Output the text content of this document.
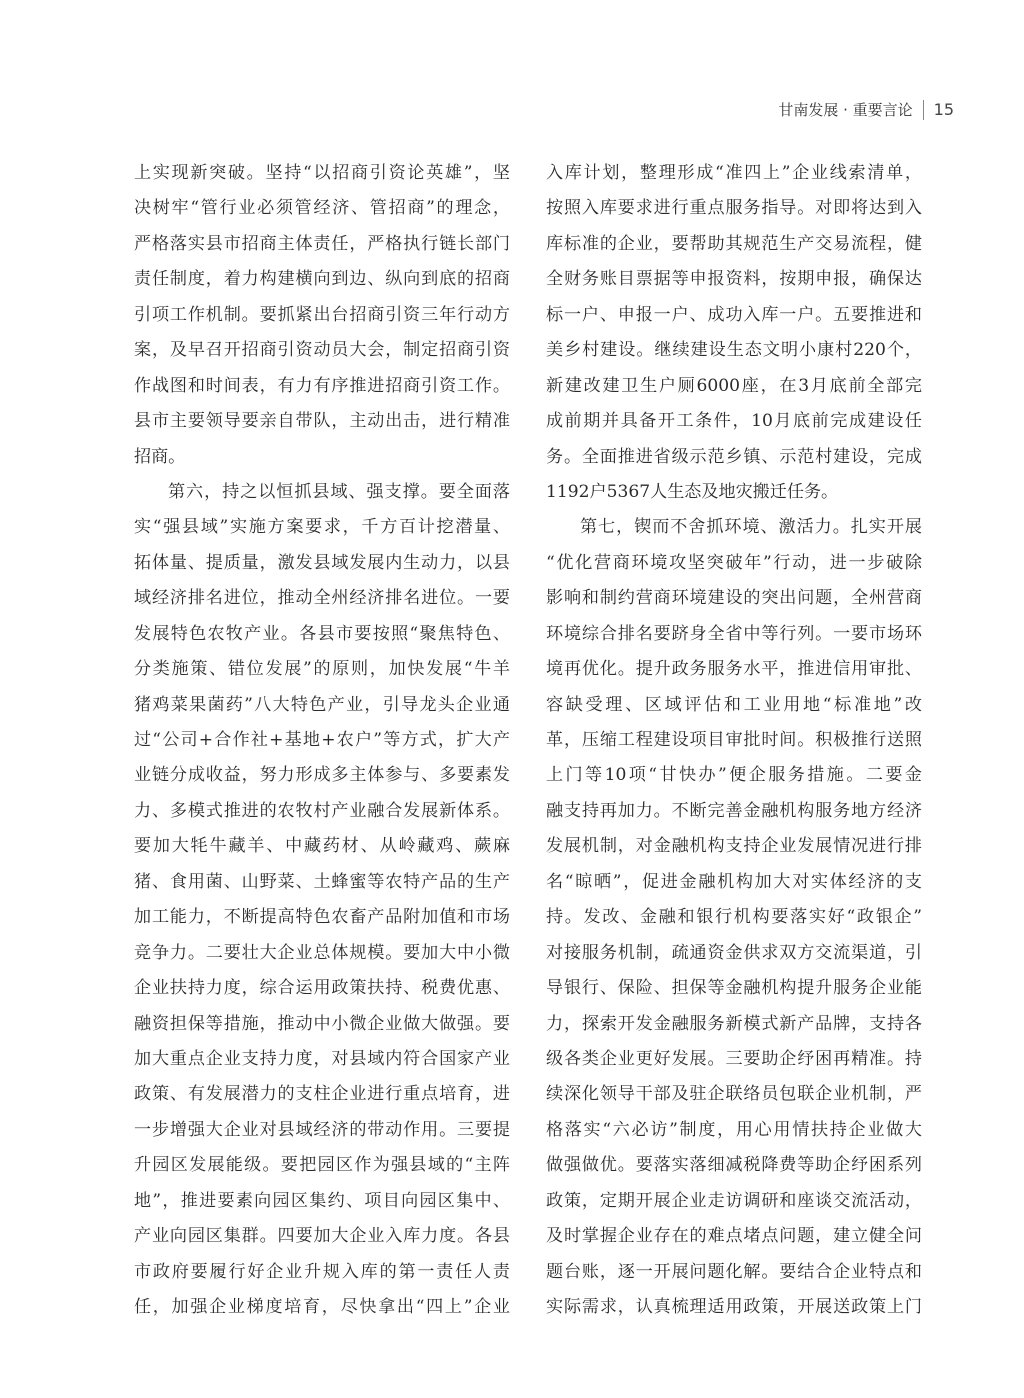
甘南发展 · 重要言论 15
上实现新突破。坚持“以招商引资论英雄”，坚
决树牢“管行业必须管经济、管招商”的理念，
严格落实县市招商主体责任，严格执行链长部门
责任制度，着力构建横向到边、纵向到底的招商
引项工作机制。要抓紧出台招商引资三年行动方
案，及早召开招商引资动员大会，制定招商引资
作战图和时间表，有力有序推进招商引资工作。
县市主要领导要亲自带队，主动出击，进行精准
招商。
第六，持之以恒抓县域、强支撑。要全面落
实“强县域”实施方案要求，千方百计挖潜量、
拓体量、提质量，激发县域发展内生动力，以县
域经济排名进位，推动全州经济排名进位。一要
发展特色农牧产业。各县市要按照“聚焦特色、
分类施策、错位发展”的原则，加快发展“牛羊
猪鸡菜果菌药”八大特色产业，引导龙头企业通
过“公司+合作社+基地+农户”等方式，扩大产
业链分成收益，努力形成多主体参与、多要素发
力、多模式推进的农牧村产业融合发展新体系。
要加大牦牛藏羊、中藏药材、从岭藏鸡、蕨麻
猪、食用菌、山野菜、土蜂蜜等农特产品的生产
加工能力，不断提高特色农畜产品附加值和市场
竞争力。二要壮大企业总体规模。要加大中小微
企业扶持力度，综合运用政策扶持、税费优惠、
融资担保等措施，推动中小微企业做大做强。要
加大重点企业支持力度，对县域内符合国家产业
政策、有发展潜力的支柱企业进行重点培育，进
一步增强大企业对县域经济的带动作用。三要提
升园区发展能级。要把园区作为强县域的“主阵
地”，推进要素向园区集约、项目向园区集中、
产业向园区集群。四要加大企业入库力度。各县
市政府要履行好企业升规入库的第一责任人责
任，加强企业梯度培育，尽快拿出“四上”企业
入库计划，整理形成“准四上”企业线索清单，
按照入库要求进行重点服务指导。对即将达到入
库标准的企业，要帮助其规范生产交易流程，健
全财务账目票据等申报资料，按期申报，确保达
标一户、申报一户、成功入库一户。五要推进和
美乡村建设。继续建设生态文明小康村220个，
新建改建卫生户厕6000座，在3月底前全部完
成前期并具备开工条件，10月底前完成建设任
务。全面推进省级示范乡镇、示范村建设，完成
1192户5367人生态及地灾搬迁任务。
第七，锲而不舍抓环境、激活力。扎实开展
“优化营商环境攻坚突破年”行动，进一步破除
影响和制约营商环境建设的突出问题，全州营商
环境综合排名要跻身全省中等行列。一要市场环
境再优化。提升政务服务水平，推进信用审批、
容缺受理、区域评估和工业用地“标准地”改
革，压缩工程建设项目审批时间。积极推行送照
上门等10项“甘快办”便企服务措施。二要金
融支持再加力。不断完善金融机构服务地方经济
发展机制，对金融机构支持企业发展情况进行排
名“晾晒”，促进金融机构加大对实体经济的支
持。发改、金融和银行机构要落实好“政银企”
对接服务机制，疏通资金供求双方交流渠道，引
导银行、保险、担保等金融机构提升服务企业能
力，探索开发金融服务新模式新产品牌，支持各
级各类企业更好发展。三要助企纾困再精准。持
续深化领导干部及驻企联络员包联企业机制，严
格落实“六必访”制度，用心用情扶持企业做大
做强做优。要落实落细减税降费等助企纾困系列
政策，定期开展企业走访调研和座谈交流活动，
及时掌握企业存在的难点堵点问题，建立健全问
题台账，逐一开展问题化解。要结合企业特点和
实际需求，认真梳理适用政策，开展送政策上门
